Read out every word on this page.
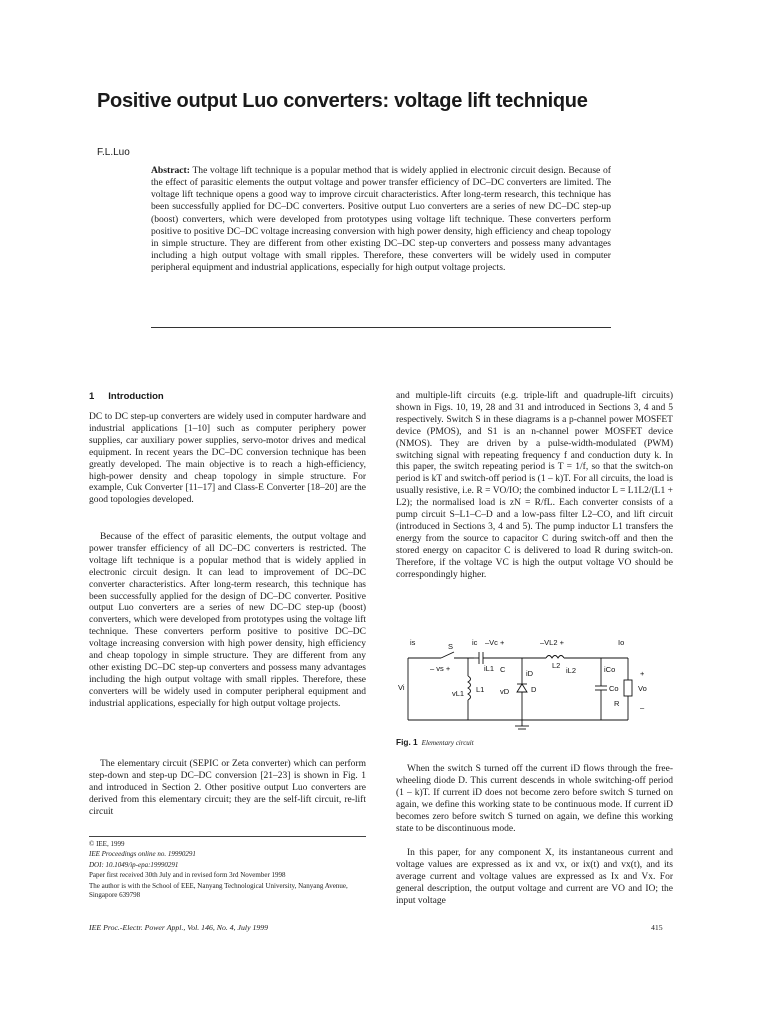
Positive output Luo converters: voltage lift technique
F.L.Luo

Abstract: The voltage lift technique is a popular method that is widely applied in electronic circuit design. Because of the effect of parasitic elements the output voltage and power transfer efficiency of DC–DC converters are limited. The voltage lift technique opens a good way to improve circuit characteristics. After long-term research, this technique has been successfully applied for DC–DC converters. Positive output Luo converters are a series of new DC–DC step-up (boost) converters, which were developed from prototypes using voltage lift technique. These converters perform positive to positive DC–DC voltage increasing conversion with high power density, high efficiency and cheap topology in simple structure. They are different from other existing DC–DC step-up converters and possess many advantages including a high output voltage with small ripples. Therefore, these converters will be widely used in computer peripheral equipment and industrial applications, especially for high output voltage projects.

1 Introduction

DC to DC step-up converters are widely used in computer hardware and industrial applications [1–10] such as computer periphery power supplies, car auxiliary power supplies, servo-motor drives and medical equipment. In recent years the DC–DC conversion technique has been greatly developed. The main objective is to reach a high-efficiency, high-power density and cheap topology in simple structure. For example, Cuk Converter [11–17] and Class-E Converter [18–20] are the good topologies developed.

Because of the effect of parasitic elements, the output voltage and power transfer efficiency of all DC–DC converters is restricted. The voltage lift technique is a popular method that is widely applied in electronic circuit design. It can lead to improvement of DC–DC converter characteristics. After long-term research, this technique has been successfully applied for the design of DC–DC converter. Positive output Luo converters are a series of new DC–DC step-up (boost) converters, which were developed from prototypes using the voltage lift technique. These converters perform positive to positive DC–DC voltage increasing conversion with high power density, high efficiency and cheap topology in simple structure. They are different from any other existing DC–DC step-up converters and possess many advantages including the high output voltage with small ripples. Therefore, these converters will be widely used in computer peripheral equipment and industrial applications, especially for high output voltage projects.

The elementary circuit (SEPIC or Zeta converter) which can perform step-down and step-up DC–DC conversion [21–23] is shown in Fig. 1 and introduced in Section 2. Other positive output Luo converters are derived from this elementary circuit; they are the self-lift circuit, re-lift circuit

© IEE, 1999
IEE Proceedings online no. 19990291
DOI: 10.1049/ip-epa:19990291
Paper first received 30th July and in revised form 3rd November 1998
The author is with the School of EEE, Nanyang Technological University, Nanyang Avenue, Singapore 639798

and multiple-lift circuits (e.g. triple-lift and quadruple-lift circuits) shown in Figs. 10, 19, 28 and 31 and introduced in Sections 3, 4 and 5 respectively. Switch S in these diagrams is a p-channel power MOSFET device (PMOS), and S1 is an n-channel power MOSFET device (NMOS). They are driven by a pulse-width-modulated (PWM) switching signal with repeating frequency f and conduction duty k. In this paper, the switch repeating period is T = 1/f, so that the switch-on period is kT and switch-off period is (1 – k)T. For all circuits, the load is usually resistive, i.e. R = VO/IO; the combined inductor L = L1L2/(L1 + L2); the normalised load is zN = R/fL. Each converter consists of a pump circuit S–L1–C–D and a low-pass filter L2–CO, and lift circuit (introduced in Sections 3, 4 and 5). The pump inductor L1 transfers the energy from the source to capacitor C during switch-off and then the stored energy on capacitor C is delivered to load R during switch-on. Therefore, if the voltage VC is high the output voltage VO should be correspondingly higher.

is	ic –Vc +	–VL2 +	Io
– vs +
S
iL1 C	iD
L2
iL2	iCo
Vi
vL1 L1 vD	D	Co
R
Vo
+
–
Fig. 1 Elementary circuit

When the switch S turned off the current iD flows through the free-wheeling diode D. This current descends in whole switching-off period (1 – k)T. If current iD does not become zero before switch S turned on again, we define this working state to be continuous mode. If current iD becomes zero before switch S turned on again, we define this working state to be discontinuous mode.

In this paper, for any component X, its instantaneous current and voltage values are expressed as ix and vx, or ix(t) and vx(t), and its average current and voltage values are expressed as Ix and Vx. For general description, the output voltage and current are VO and IO; the input voltage

IEE Proc.-Electr. Power Appl., Vol. 146, No. 4, July 1999	415
